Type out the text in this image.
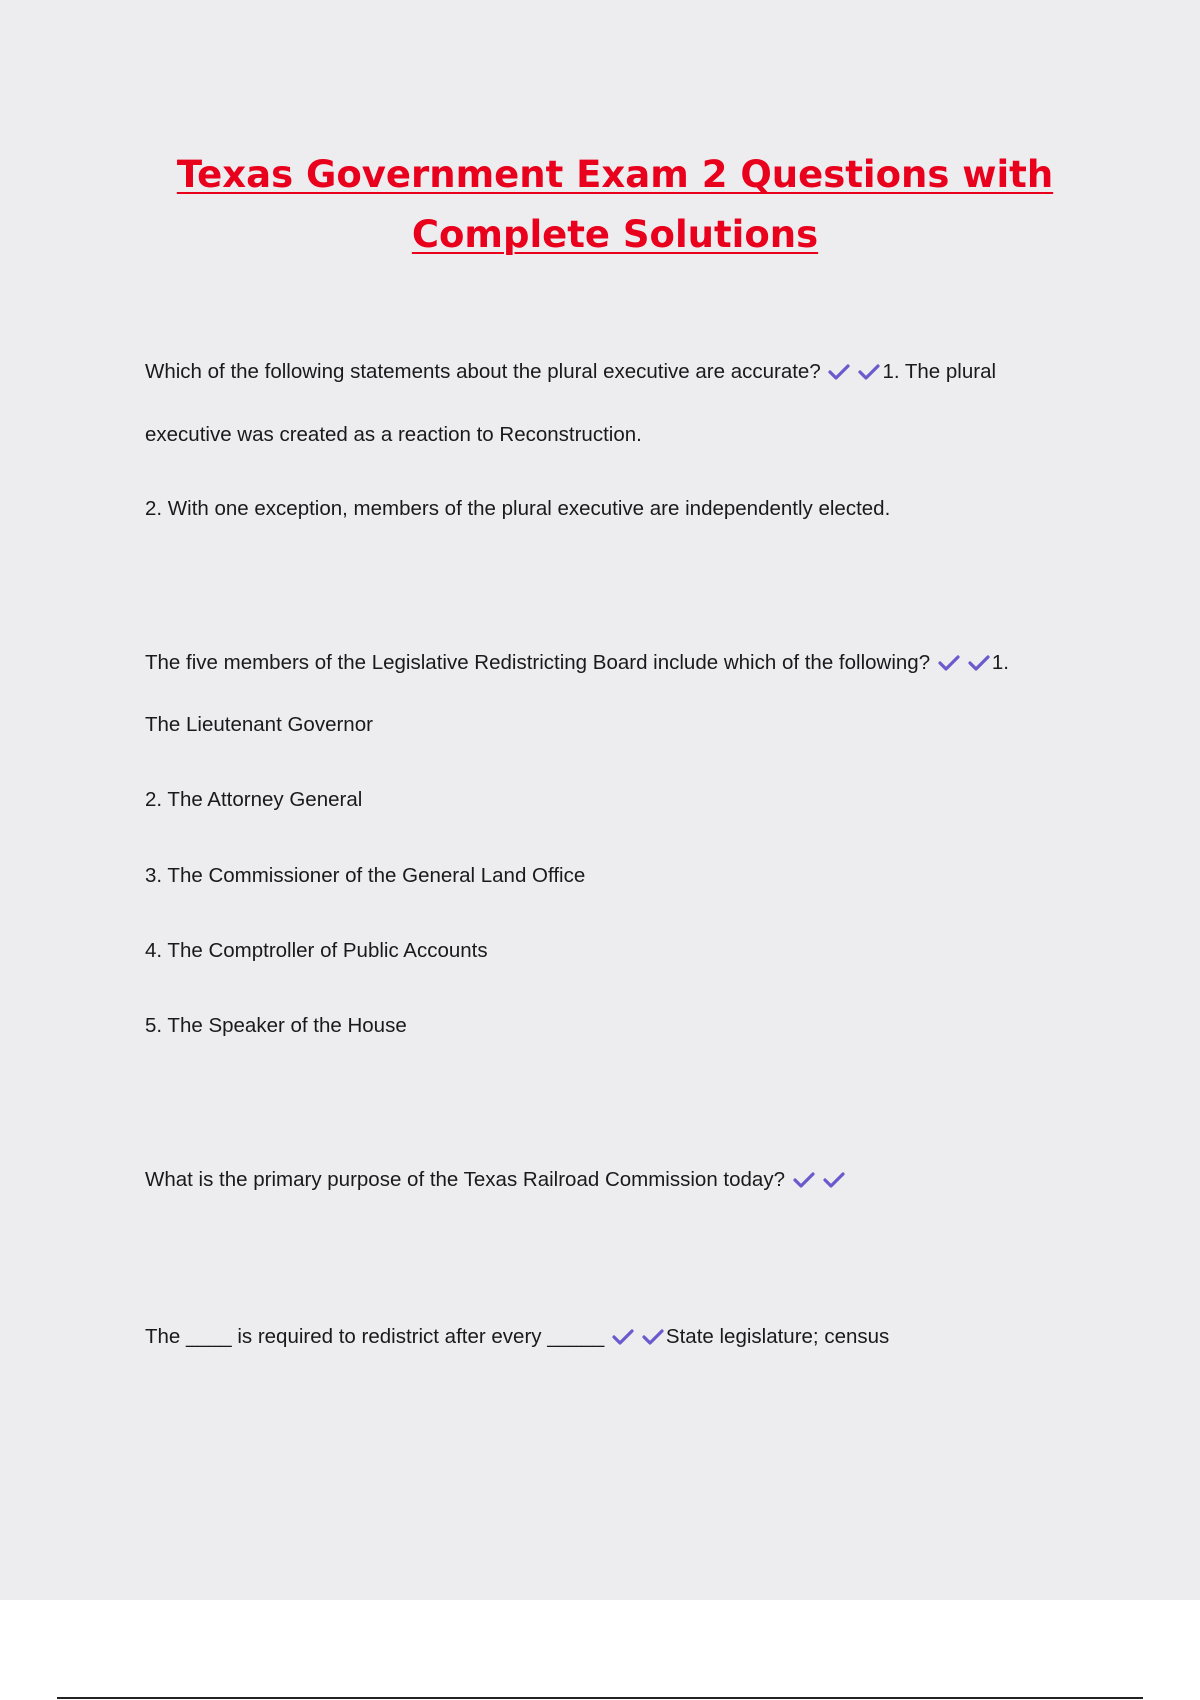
Texas Government Exam 2 Questions with
Complete Solutions
Which of the following statements about the plural executive are accurate?	1. The plural
executive was created as a reaction to Reconstruction.
2. With one exception, members of the plural executive are independently elected.
The five members of the Legislative Redistricting Board include which of the following?	1.
The Lieutenant Governor
2. The Attorney General
3. The Commissioner of the General Land Office
4. The Comptroller of Public Accounts
5. The Speaker of the House
What is the primary purpose of the Texas Railroad Commission today?
The ____ is required to redistrict after every _____	State legislature; census
